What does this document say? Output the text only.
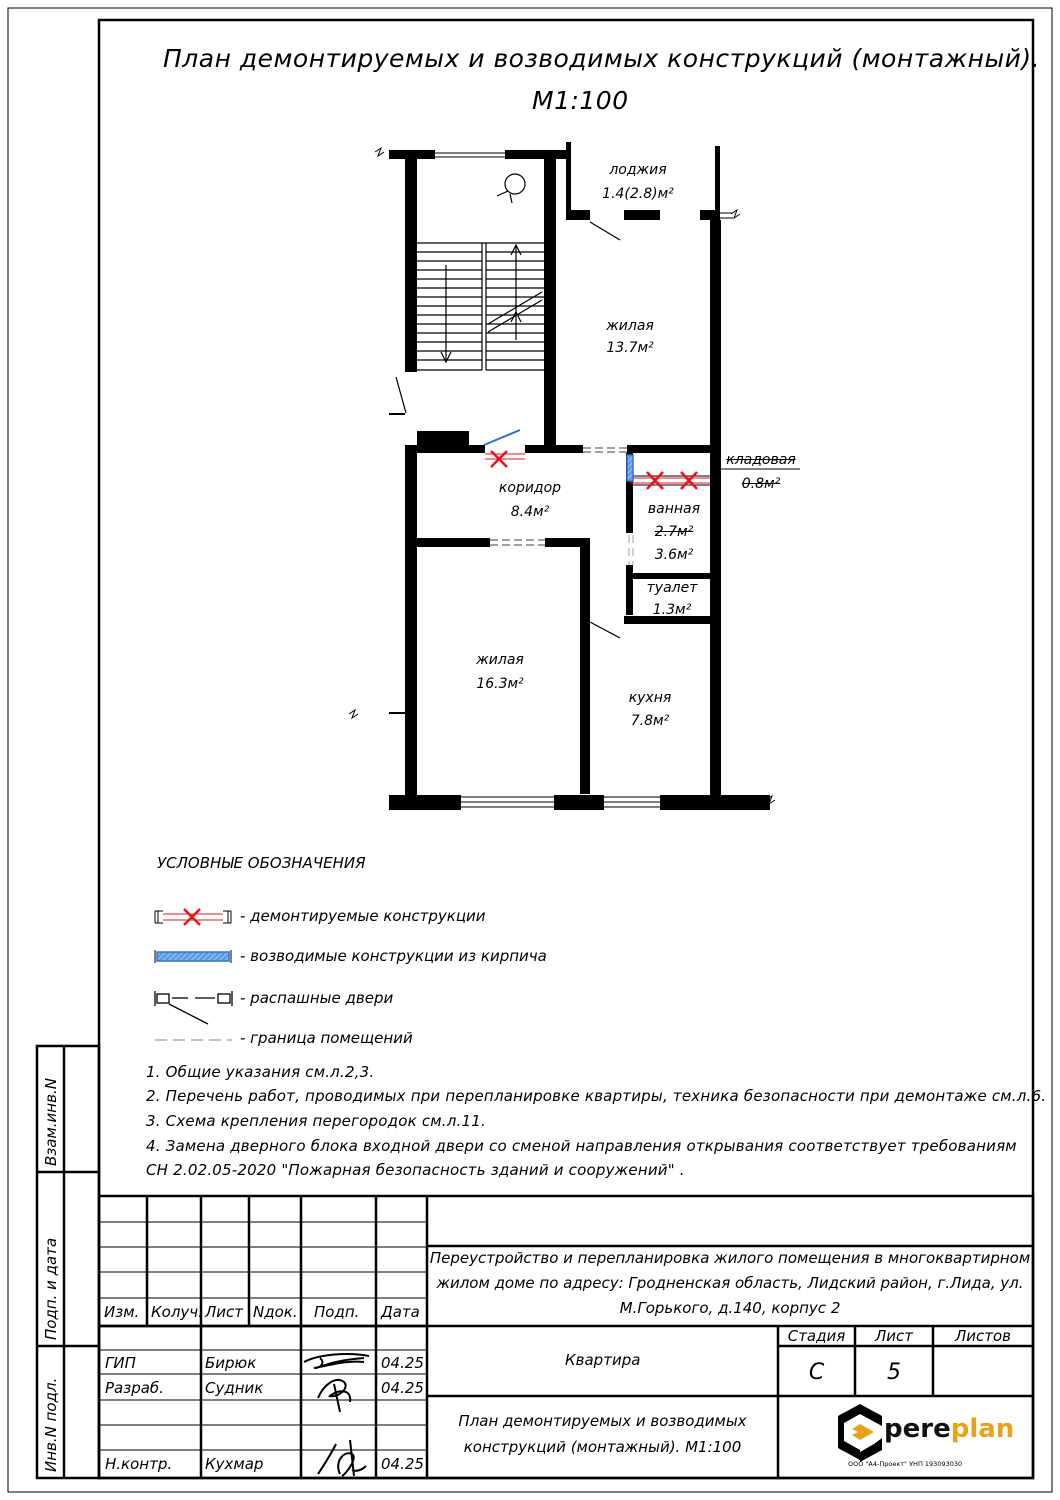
План демонтируемых и возводимых конструкций (монтажный).
М1:100
лоджия
1.4(2.8)м²
жилая
13.7м²
кладовая
0.8м²
коридор
8.4м²	ванная
2.7м²
3.6м²
туалет
1.3м²
жилая
16.3м²
кухня
7.8м²
УСЛОВНЫЕ ОБОЗНАЧЕНИЯ
- демонтируемые конструкции
- возводимые конструкции из кирпича
- распашные двери
- граница помещений
1. Общие указания см.л.2,3.
2. Перечень работ, проводимых при перепланировке квартиры, техника безопасности при демонтаже см.л.6.
3. Схема крепления перегородок см.л.11.
4. Замена дверного блока входной двери со сменой направления открывания соответствует требованиям
СН 2.02.05-2020 "Пожарная безопасность зданий и сооружений" .
Взам.инв.N
Подп. и дата
Инв.N подл.
Изм. Колуч. Лист Nдок. Подп. Дата
ГИП	Бирюк	04.25
Разраб.	Судник	04.25
Н.контр. Кухмар	04.25
Переустройство и перепланировка жилого помещения в многоквартирном
жилом доме по адресу: Гродненская область, Лидский район, г.Лида, ул.
М.Горького, д.140, корпус 2
Квартира
Стадия	Лист	Листов
С	5
План демонтируемых и возводимых
конструкций (монтажный). М1:100
pereplan
ООО "А4-Проект" УНП 193093030
